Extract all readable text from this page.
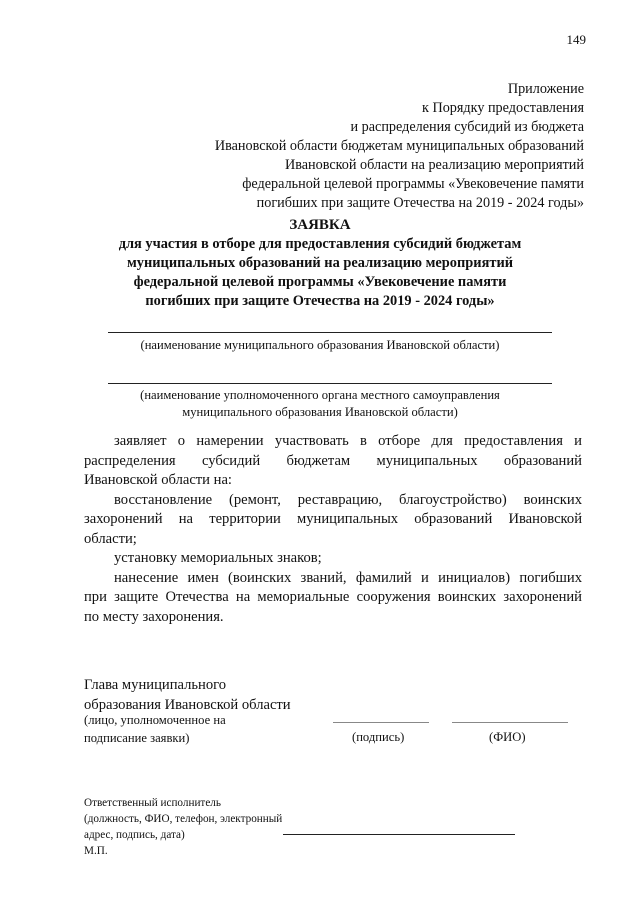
149
Приложение
к Порядку предоставления
и распределения субсидий из бюджета
Ивановской области бюджетам муниципальных образований
Ивановской области на реализацию мероприятий
федеральной целевой программы «Увековечение памяти
погибших при защите Отечества на 2019 - 2024 годы»
ЗАЯВКА
для участия в отборе для предоставления субсидий бюджетам
муниципальных образований на реализацию мероприятий
федеральной целевой программы «Увековечение памяти
погибших при защите Отечества на 2019 - 2024 годы»
(наименование муниципального образования Ивановской области)
(наименование уполномоченного органа местного самоуправления
муниципального образования Ивановской области)

заявляет о намерении участвовать в отборе для предоставления и

распределения субсидий бюджетам муниципальных образований

Ивановской области на:

восстановление (ремонт, реставрацию, благоустройство) воинских

захоронений на территории муниципальных образований Ивановской

области;

установку мемориальных знаков;

нанесение имен (воинских званий, фамилий и инициалов) погибших

при защите Отечества на мемориальные сооружения воинских захоронений

по месту захоронения.

Глава муниципального
образования Ивановской области
(лицо, уполномоченное на
подписание заявки)	(подпись)	(ФИО)
Ответственный исполнитель
(должность, ФИО, телефон, электронный
адрес, подпись, дата)
М.П.
